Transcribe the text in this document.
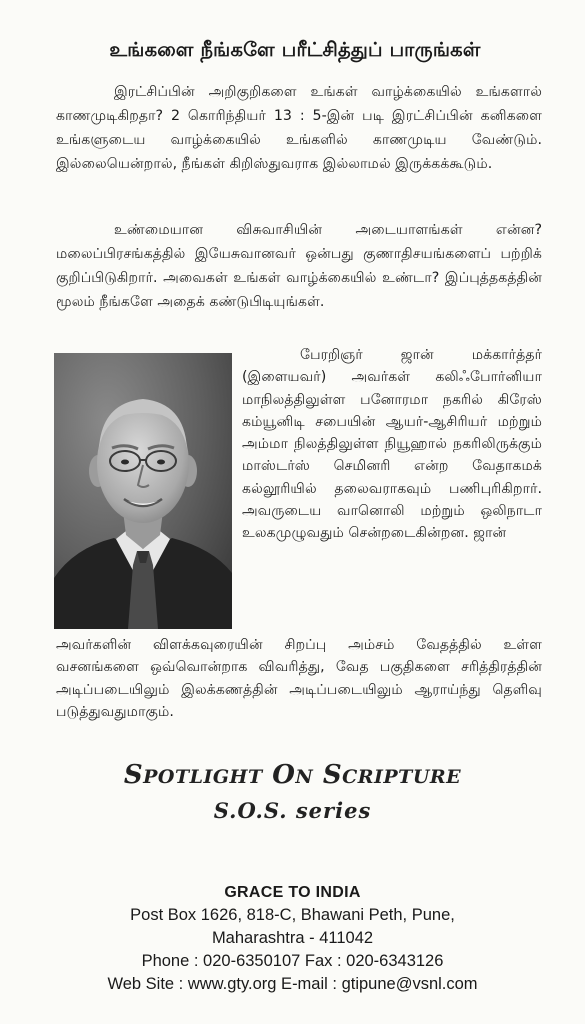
உங்களை நீங்களே பரீட்சித்துப் பாருங்கள்

இரட்சிப்பின் அறிகுறிகளை உங்கள் வாழ்க்கையில் உங்களால் காணமுடிகிறதா? 2 கொரிந்தியர் 13 : 5-இன் படி இரட்சிப்பின் கனிகளை உங்களுடைய வாழ்க்கையில் உங்களில் காணமுடிய வேண்டும். இல்லையென்றால், நீங்கள் கிறிஸ்துவராக இல்லாமல் இருக்கக்கூடும்.

உண்மையான விசுவாசியின் அடையாளங்கள் என்ன? மலைப்பிரசங்கத்தில் இயேசுவானவர் ஒன்பது குணாதிசயங்களைப் பற்றிக் குறிப்பிடுகிறார். அவைகள் உங்கள் வாழ்க்கையில் உண்டா? இப்புத்தகத்தின் மூலம் நீங்களே அதைக் கண்டுபிடியுங்கள்.

பேரறிஞர் ஜான் மக்கார்த்தர் (இளையவர்) அவர்கள் கலிஃபோர்னியா மாநிலத்திலுள்ள பனோரமா நகரில் கிரேஸ் கம்யூனிடி சபையின் ஆயர்-ஆசிரியர் மற்றும் அம்மா நிலத்திலுள்ள நியூஹால் நகரிலிருக்கும் மாஸ்டர்ஸ் செமினரி என்ற வேதாகமக் கல்லூரியில் தலைவராகவும் பணிபுரிகிறார். அவருடைய வானொலி மற்றும் ஒலிநாடா உலகமுழுவதும் சென்றடைகின்றன. ஜான்

அவர்களின் விளக்கவுரையின் சிறப்பு அம்சம் வேதத்தில் உள்ள வசனங்களை ஒவ்வொன்றாக விவரித்து, வேத பகுதிகளை சரித்திரத்தின் அடிப்படையிலும் இலக்கணத்தின் அடிப்படையிலும் ஆராய்ந்து தெளிவு படுத்துவதுமாகும்.

SPOTLIGHT ON SCRIPTURE
S.O.S. series
GRACE TO INDIA
Post Box 1626, 818-C, Bhawani Peth, Pune,
Maharashtra - 411042
Phone : 020-6350107 Fax : 020-6343126
Web Site : www.gty.org E-mail : gtipune@vsnl.com
